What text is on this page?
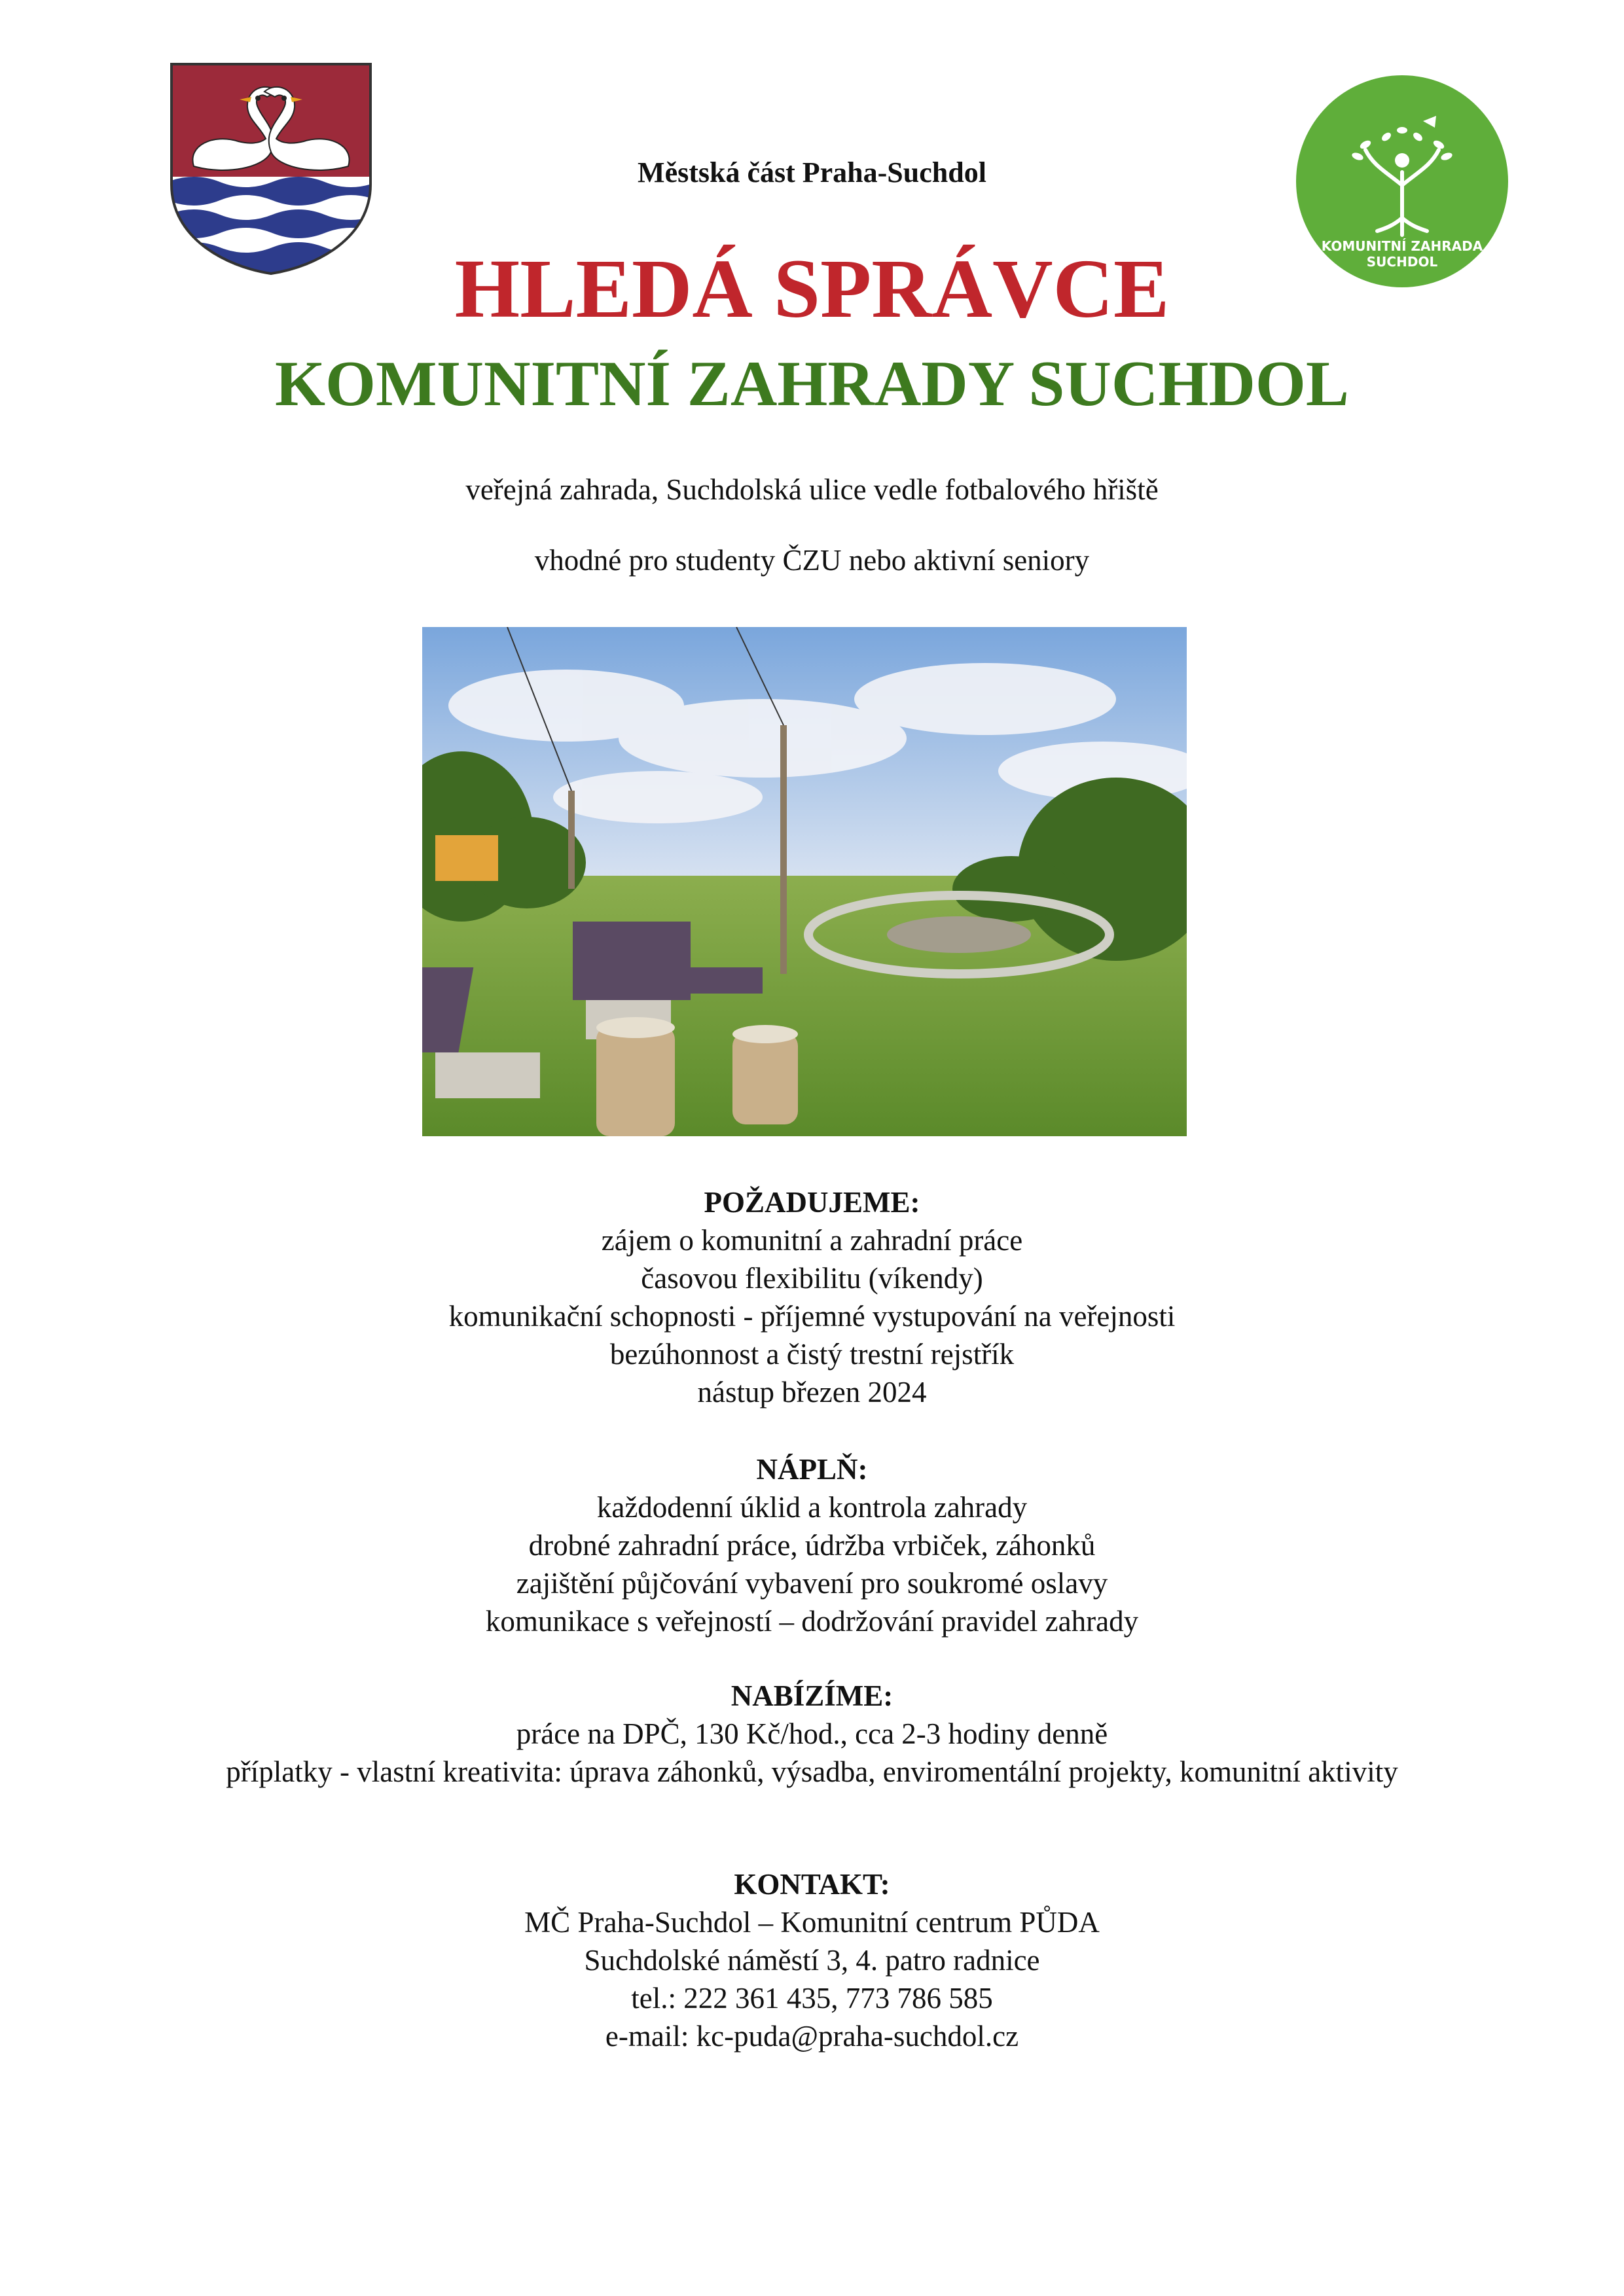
KOMUNITNÍ ZAHRADA
SUCHDOL
Městská část Praha-Suchdol
HLEDÁ SPRÁVCE
KOMUNITNÍ ZAHRADY SUCHDOL
veřejná zahrada, Suchdolská ulice vedle fotbalového hřiště
vhodné pro studenty ČZU nebo aktivní seniory
POŽADUJEME:
zájem o komunitní a zahradní práce
časovou flexibilitu (víkendy)
komunikační schopnosti - příjemné vystupování na veřejnosti
bezúhonnost a čistý trestní rejstřík
nástup březen 2024
NÁPLŇ:
každodenní úklid a kontrola zahrady
drobné zahradní práce, údržba vrbiček, záhonků
zajištění půjčování vybavení pro soukromé oslavy
komunikace s veřejností – dodržování pravidel zahrady
NABÍZÍME:
práce na DPČ, 130 Kč/hod., cca 2-3 hodiny denně
příplatky - vlastní kreativita: úprava záhonků, výsadba, enviromentální projekty, komunitní aktivity
KONTAKT:
MČ Praha-Suchdol – Komunitní centrum PŮDA
Suchdolské náměstí 3, 4. patro radnice
tel.: 222 361 435, 773 786 585
e-mail: kc-puda@praha-suchdol.cz
